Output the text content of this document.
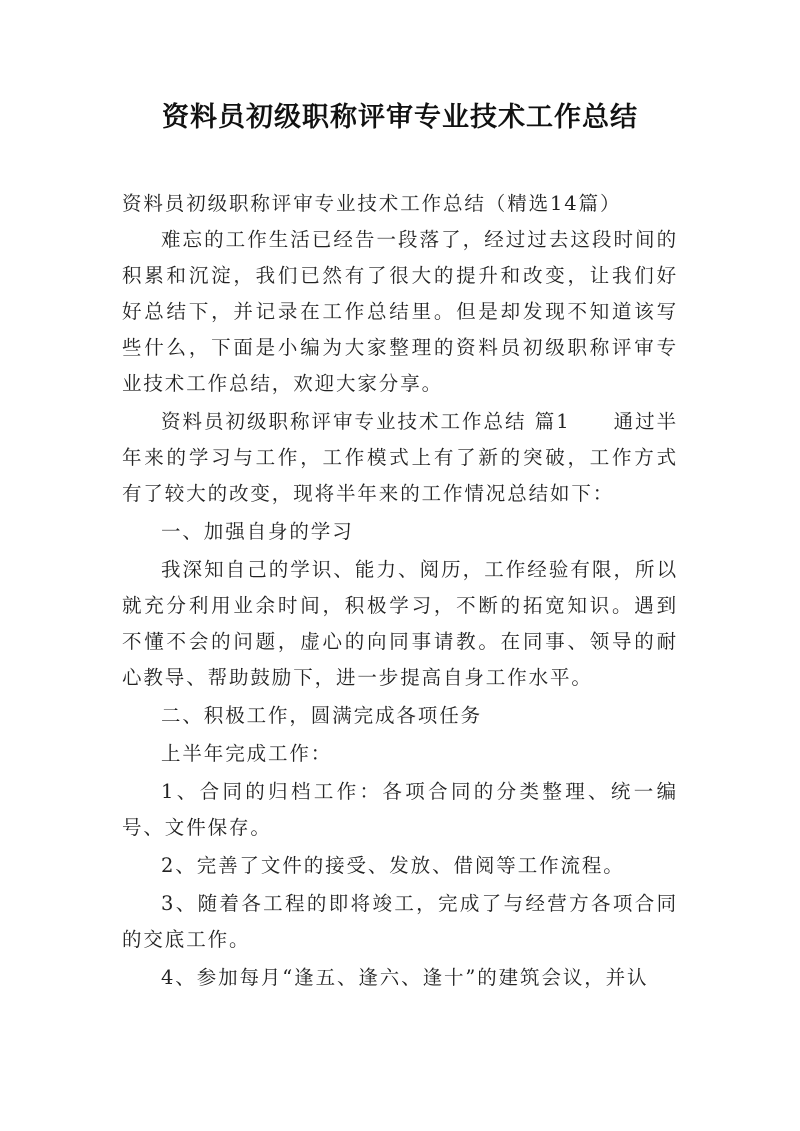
资料员初级职称评审专业技术工作总结

资料员初级职称评审专业技术工作总结（精选14篇）

难忘的工作生活已经告一段落了，经过过去这段时间的积累和沉淀，我们已然有了很大的提升和改变，让我们好好总结下，并记录在工作总结里。但是却发现不知道该写些什么，下面是小编为大家整理的资料员初级职称评审专业技术工作总结，欢迎大家分享。

资料员初级职称评审专业技术工作总结 篇1　　通过半年来的学习与工作，工作模式上有了新的突破，工作方式有了较大的改变，现将半年来的工作情况总结如下：

一、加强自身的学习

我深知自己的学识、能力、阅历，工作经验有限，所以就充分利用业余时间，积极学习，不断的拓宽知识。遇到不懂不会的问题，虚心的向同事请教。在同事、领导的耐心教导、帮助鼓励下，进一步提高自身工作水平。

二、积极工作，圆满完成各项任务

上半年完成工作：

1、合同的归档工作：各项合同的分类整理、统一编号、文件保存。

2、完善了文件的接受、发放、借阅等工作流程。

3、随着各工程的即将竣工，完成了与经营方各项合同的交底工作。

4、参加每月“逢五、逢六、逢十”的建筑会议，并认
